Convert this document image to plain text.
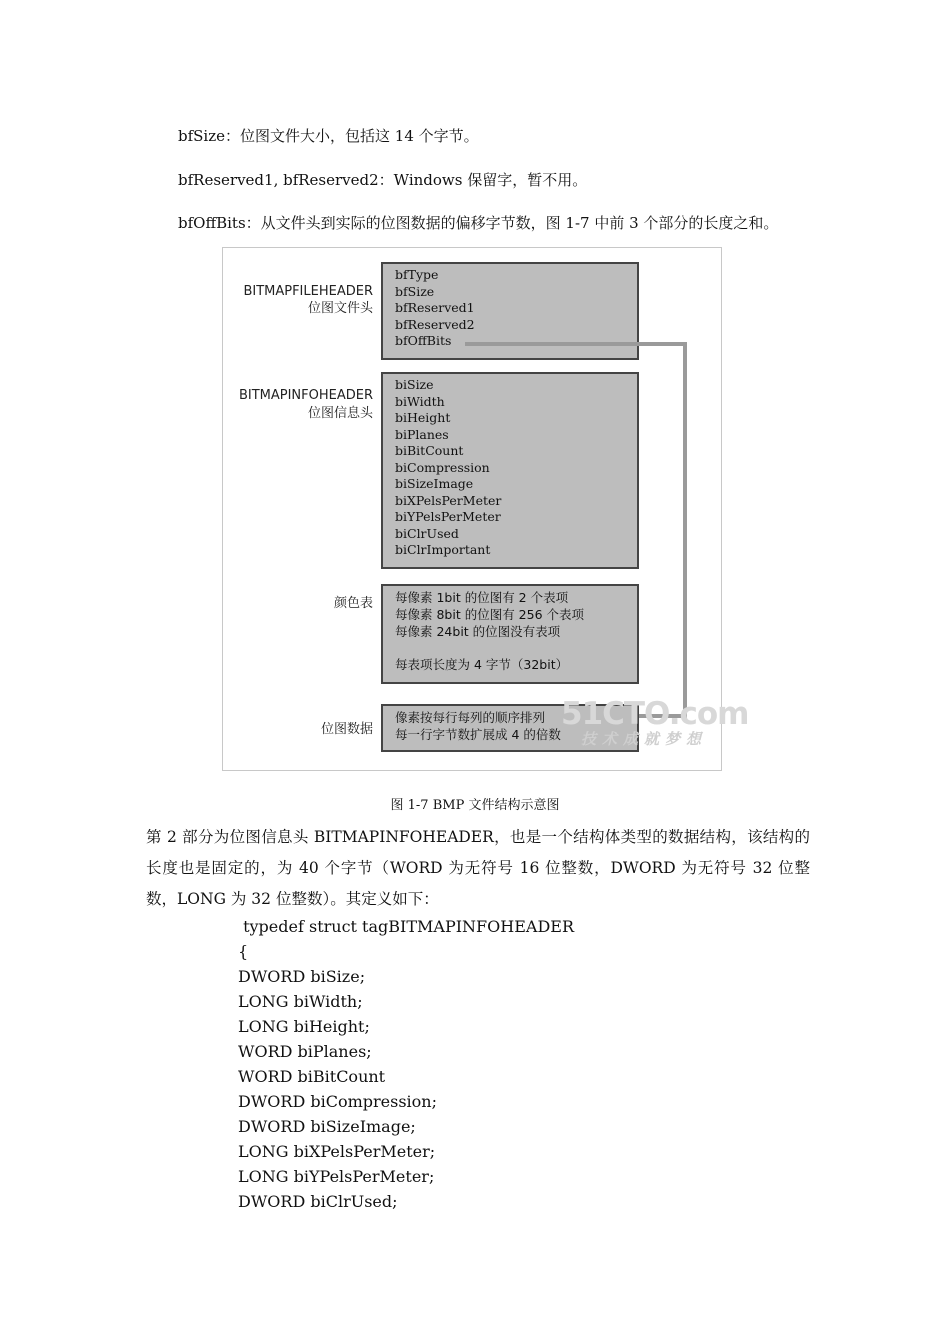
bfSize：位图文件大小，包括这 14 个字节。
bfReserved1, bfReserved2：Windows 保留字，暂不用。
bfOffBits：从文件头到实际的位图数据的偏移字节数，图 1-7 中前 3 个部分的长度之和。
BITMAPFILEHEADER
位图文件头
BITMAPINFOHEADER
位图信息头
颜色表
位图数据
bfType
bfSize
bfReserved1
bfReserved2
bfOffBits
biSize
biWidth
biHeight
biPlanes
biBitCount
biCompression
biSizeImage
biXPelsPerMeter
biYPelsPerMeter
biClrUsed
biClrImportant
每像素 1bit 的位图有 2 个表项
每像素 8bit 的位图有 256 个表项
每像素 24bit 的位图没有表项
每表项长度为 4 字节（32bit）
像素按每行每列的顺序排列
每一行字节数扩展成 4 的倍数
51CTO.com
技术成就梦想
图 1-7 BMP 文件结构示意图
第 2 部分为位图信息头 BITMAPINFOHEADER，也是一个结构体类型的数据结构，该结构的长度也是固定的，为 40 个字节（WORD 为无符号 16 位整数，DWORD 为无符号 32 位整数，LONG 为 32 位整数）。其定义如下：
typedef struct tagBITMAPINFOHEADER
{
DWORD biSize;
LONG biWidth;
LONG biHeight;
WORD biPlanes;
WORD biBitCount
DWORD biCompression;
DWORD biSizeImage;
LONG biXPelsPerMeter;
LONG biYPelsPerMeter;
DWORD biClrUsed;
